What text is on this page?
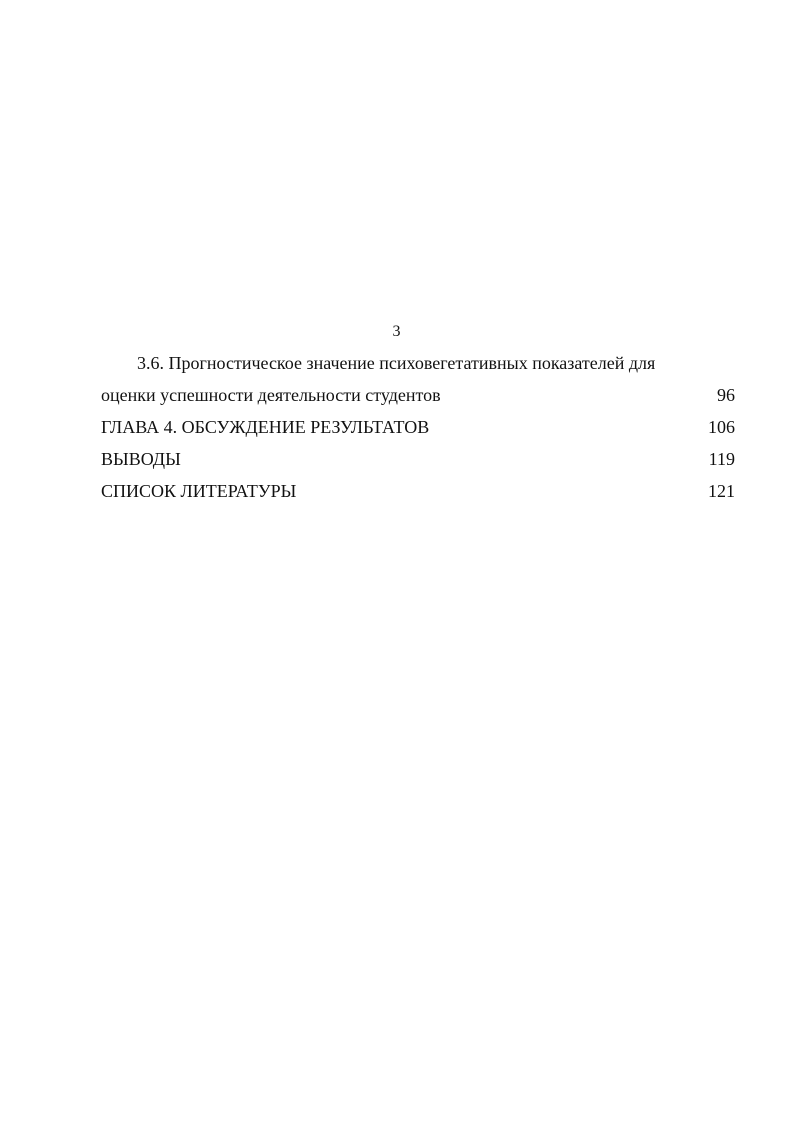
3
3.6. Прогностическое значение психовегетативных показателей для
оценки успешности деятельности студентов	96
ГЛАВА 4. ОБСУЖДЕНИЕ РЕЗУЛЬТАТОВ	106
ВЫВОДЫ	119
СПИСОК ЛИТЕРАТУРЫ	121
